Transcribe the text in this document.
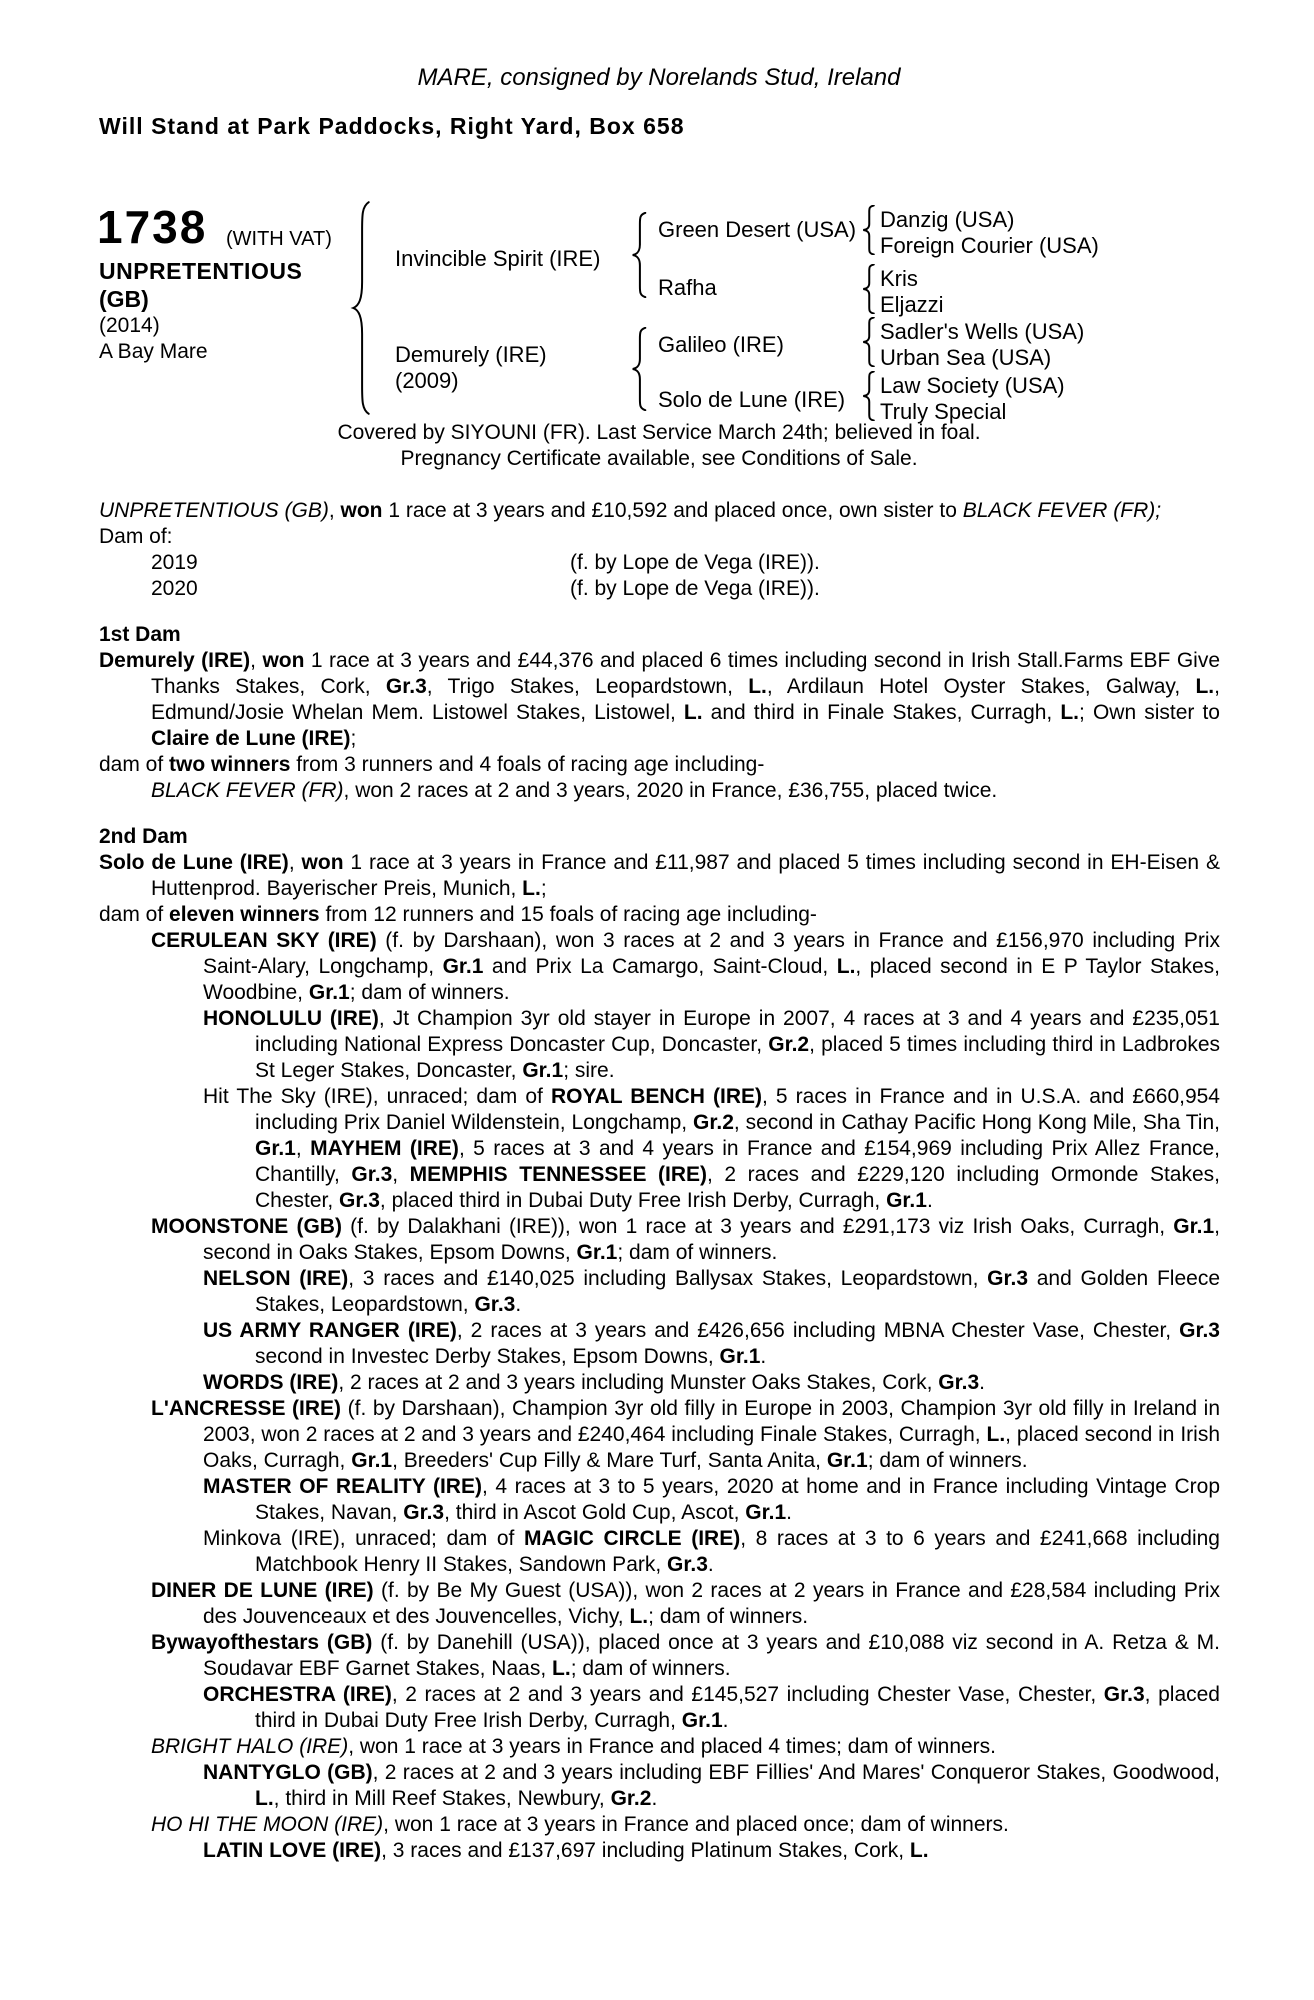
MARE, consigned by Norelands Stud, Ireland
Will Stand at Park Paddocks, Right Yard, Box 658
1738 (WITH VAT)
UNPRETENTIOUS
(GB)
(2014)
A Bay Mare
Invincible Spirit (IRE)
Demurely (IRE)
(2009)
Green Desert (USA)
Rafha
Galileo (IRE)
Solo de Lune (IRE)
Danzig (USA)
Foreign Courier (USA)
Kris
Eljazzi
Sadler's Wells (USA)
Urban Sea (USA)
Law Society (USA)
Truly Special
Covered by SIYOUNI (FR). Last Service March 24th; believed in foal.
Pregnancy Certificate available, see Conditions of Sale.
UNPRETENTIOUS (GB), won 1 race at 3 years and £10,592 and placed once, own sister to BLACK FEVER (FR);
Dam of:
2019	(f. by Lope de Vega (IRE)).
2020	(f. by Lope de Vega (IRE)).
1st Dam
Demurely (IRE), won 1 race at 3 years and £44,376 and placed 6 times including second in Irish Stall.Farms EBF Give Thanks Stakes, Cork, Gr.3, Trigo Stakes, Leopardstown, L., Ardilaun Hotel Oyster Stakes, Galway, L., Edmund/Josie Whelan Mem. Listowel Stakes, Listowel, L. and third in Finale Stakes, Curragh, L.; Own sister to Claire de Lune (IRE);
dam of two winners from 3 runners and 4 foals of racing age including-
BLACK FEVER (FR), won 2 races at 2 and 3 years, 2020 in France, £36,755, placed twice.
2nd Dam
Solo de Lune (IRE), won 1 race at 3 years in France and £11,987 and placed 5 times including second in EH-Eisen & Huttenprod. Bayerischer Preis, Munich, L.;
dam of eleven winners from 12 runners and 15 foals of racing age including-
CERULEAN SKY (IRE) (f. by Darshaan), won 3 races at 2 and 3 years in France and £156,970 including Prix Saint-Alary, Longchamp, Gr.1 and Prix La Camargo, Saint-Cloud, L., placed second in E P Taylor Stakes, Woodbine, Gr.1; dam of winners.
HONOLULU (IRE), Jt Champion 3yr old stayer in Europe in 2007, 4 races at 3 and 4 years and £235,051 including National Express Doncaster Cup, Doncaster, Gr.2, placed 5 times including third in Ladbrokes St Leger Stakes, Doncaster, Gr.1; sire.
Hit The Sky (IRE), unraced; dam of ROYAL BENCH (IRE), 5 races in France and in U.S.A. and £660,954 including Prix Daniel Wildenstein, Longchamp, Gr.2, second in Cathay Pacific Hong Kong Mile, Sha Tin, Gr.1, MAYHEM (IRE), 5 races at 3 and 4 years in France and £154,969 including Prix Allez France, Chantilly, Gr.3, MEMPHIS TENNESSEE (IRE), 2 races and £229,120 including Ormonde Stakes, Chester, Gr.3, placed third in Dubai Duty Free Irish Derby, Curragh, Gr.1.
MOONSTONE (GB) (f. by Dalakhani (IRE)), won 1 race at 3 years and £291,173 viz Irish Oaks, Curragh, Gr.1, second in Oaks Stakes, Epsom Downs, Gr.1; dam of winners.
NELSON (IRE), 3 races and £140,025 including Ballysax Stakes, Leopardstown, Gr.3 and Golden Fleece Stakes, Leopardstown, Gr.3.
US ARMY RANGER (IRE), 2 races at 3 years and £426,656 including MBNA Chester Vase, Chester, Gr.3 second in Investec Derby Stakes, Epsom Downs, Gr.1.
WORDS (IRE), 2 races at 2 and 3 years including Munster Oaks Stakes, Cork, Gr.3.
L'ANCRESSE (IRE) (f. by Darshaan), Champion 3yr old filly in Europe in 2003, Champion 3yr old filly in Ireland in 2003, won 2 races at 2 and 3 years and £240,464 including Finale Stakes, Curragh, L., placed second in Irish Oaks, Curragh, Gr.1, Breeders' Cup Filly & Mare Turf, Santa Anita, Gr.1; dam of winners.
MASTER OF REALITY (IRE), 4 races at 3 to 5 years, 2020 at home and in France including Vintage Crop Stakes, Navan, Gr.3, third in Ascot Gold Cup, Ascot, Gr.1.
Minkova (IRE), unraced; dam of MAGIC CIRCLE (IRE), 8 races at 3 to 6 years and £241,668 including Matchbook Henry II Stakes, Sandown Park, Gr.3.
DINER DE LUNE (IRE) (f. by Be My Guest (USA)), won 2 races at 2 years in France and £28,584 including Prix des Jouvenceaux et des Jouvencelles, Vichy, L.; dam of winners.
Bywayofthestars (GB) (f. by Danehill (USA)), placed once at 3 years and £10,088 viz second in A. Retza & M. Soudavar EBF Garnet Stakes, Naas, L.; dam of winners.
ORCHESTRA (IRE), 2 races at 2 and 3 years and £145,527 including Chester Vase, Chester, Gr.3, placed third in Dubai Duty Free Irish Derby, Curragh, Gr.1.
BRIGHT HALO (IRE), won 1 race at 3 years in France and placed 4 times; dam of winners.
NANTYGLO (GB), 2 races at 2 and 3 years including EBF Fillies' And Mares' Conqueror Stakes, Goodwood, L., third in Mill Reef Stakes, Newbury, Gr.2.
HO HI THE MOON (IRE), won 1 race at 3 years in France and placed once; dam of winners.
LATIN LOVE (IRE), 3 races and £137,697 including Platinum Stakes, Cork, L.
